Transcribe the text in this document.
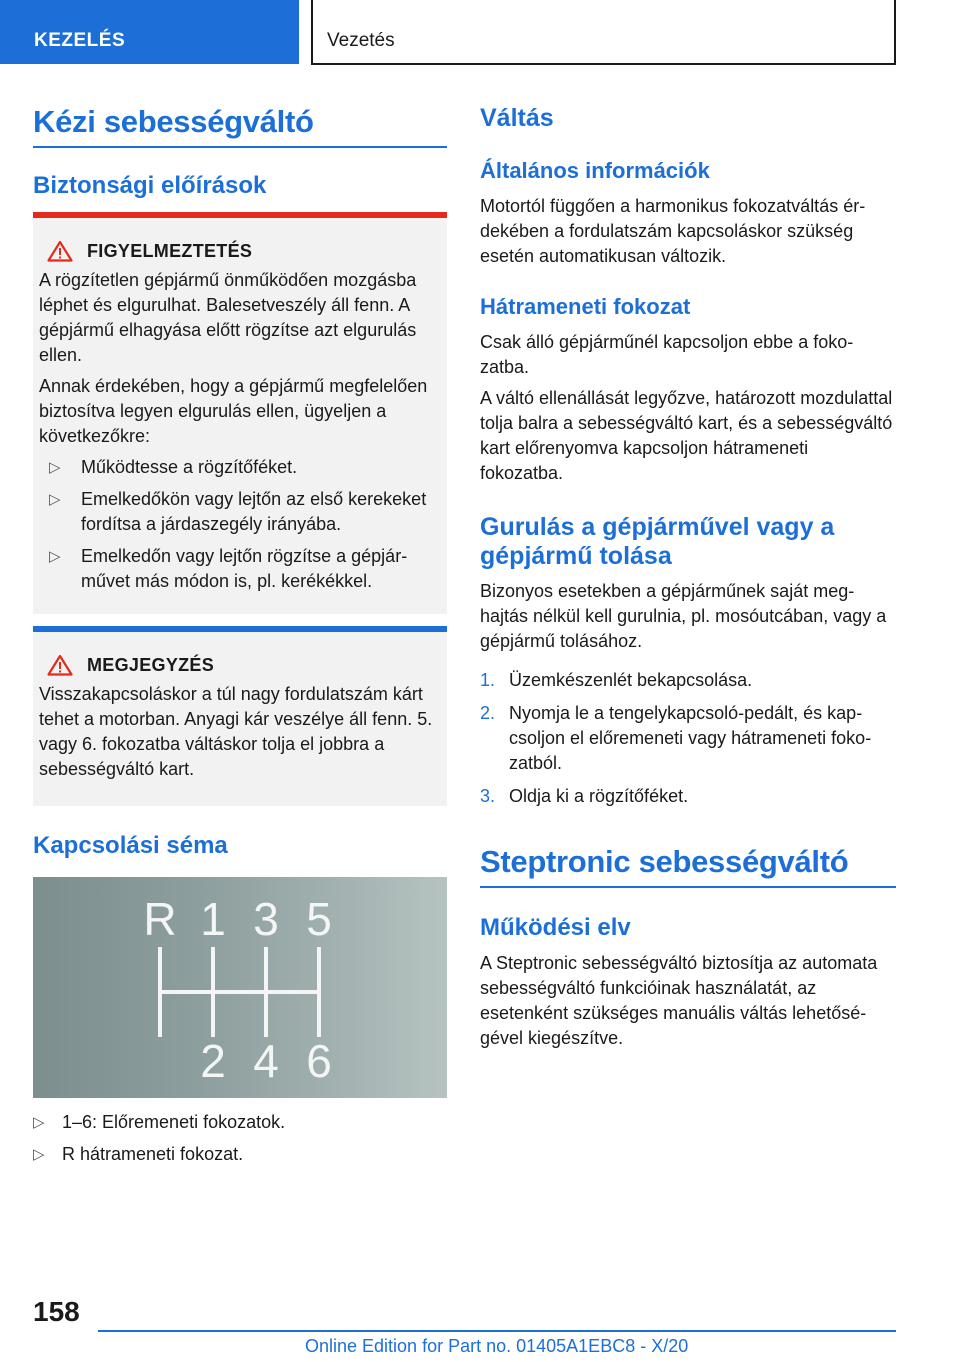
KEZELÉS	Vezetés
Kézi sebességváltó
Biztonsági előírások
FIGYELMEZTETÉS

A rögzítetlen gépjármű önműködően mozgásba léphet és elgurulhat. Balesetveszély áll fenn. A gépjármű elhagyása előtt rögzítse azt elgurulás ellen.

Annak érdekében, hogy a gépjármű megfelelően biztosítva legyen elgurulás ellen, ügyeljen a következőkre:

▷ Működtesse a rögzítőféket.
▷ Emelkedőkön vagy lejtőn az első kerekeket fordítsa a járdaszegély irányába.
▷ Emelkedőn vagy lejtőn rögzítse a gépjárművet más módon is, pl. kerékékkel.
MEGJEGYZÉS

Visszakapcsoláskor a túl nagy fordulatszám kárt tehet a motorban. Anyagi kár veszélye áll fenn. 5. vagy 6. fokozatba váltáskor tolja el jobbra a sebességváltó kart.

Kapcsolási séma
R 1 3 5
2 4 6
▷ 1–6: Előremeneti fokozatok.
▷ R hátrameneti fokozat.
Váltás
Általános információk

Motortól függően a harmonikus fokozatváltás érdekében a fordulatszám kapcsoláskor szükség esetén automatikusan változik.

Hátrameneti fokozat

Csak álló gépjárműnél kapcsoljon ebbe a fokozatba.

A váltó ellenállását legyőzve, határozott mozdulattal tolja balra a sebességváltó kart, és a sebességváltó kart előrenyomva kapcsoljon hátrameneti fokozatba.

Gurulás a gépjárművel vagy a
gépjármű tolása

Bizonyos esetekben a gépjárműnek saját meghajtás nélkül kell gurulnia, pl. mosóutcában, vagy a gépjármű tolásához.

1. Üzemkészenlét bekapcsolása.
2. Nyomja le a tengelykapcsoló-pedált, és kapcsoljon el előremeneti vagy hátrameneti fokozatból.
3. Oldja ki a rögzítőféket.
Steptronic sebességváltó
Működési elv

A Steptronic sebességváltó biztosítja az automata sebességváltó funkcióinak használatát, az esetenként szükséges manuális váltás lehetőségével kiegészítve.

158
Online Edition for Part no. 01405A1EBC8 - X/20
